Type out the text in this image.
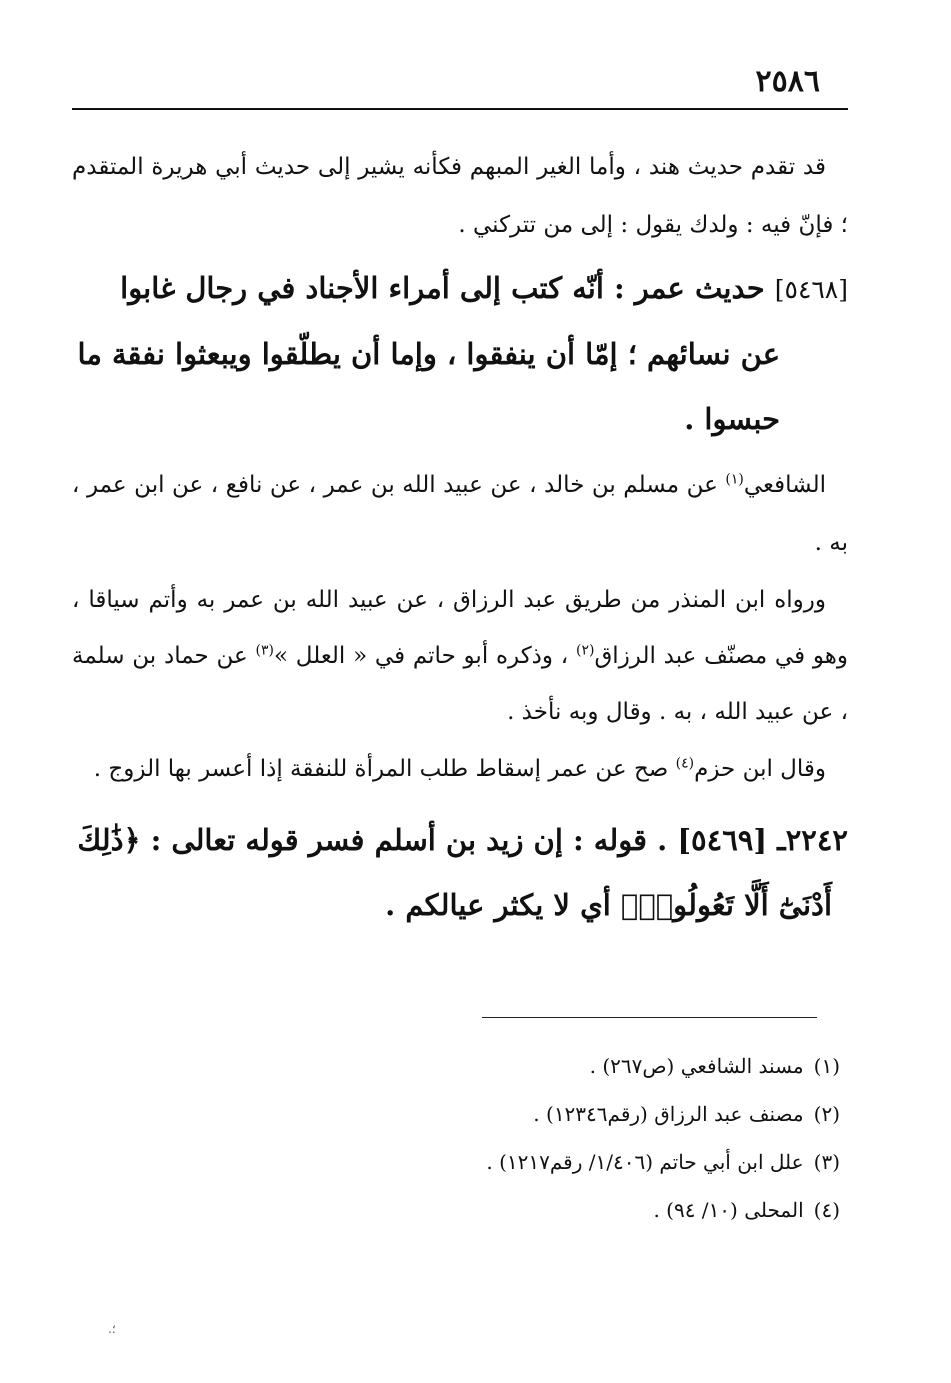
٢٥٨٦

قد تقدم حديث هند ، وأما الغير المبهم فكأنه يشير إلى حديث أبي هريرة المتقدم ؛ فإنّ فيه : ولدك يقول : إلى من تتركني .

[٥٤٦٨] حديث عمر : أنّه كتب إلى أمراء الأجناد في رجال غابوا
عن نسائهم ؛ إمّا أن ينفقوا ، وإما أن يطلّقوا ويبعثوا نفقة ما
حبسوا .

الشافعي$^{(١)}$ عن مسلم بن خالد ، عن عبيد الله بن عمر ، عن نافع ، عن ابن عمر ، به .

ورواه ابن المنذر من طريق عبد الرزاق ، عن عبيد الله بن عمر به وأتم سياقا ، وهو في مصنّف عبد الرزاق$^{(٢)}$ ، وذكره أبو حاتم في « العلل »$^{(٣)}$ عن حماد بن سلمة ، عن عبيد الله ، به . وقال وبه نأخذ .

وقال ابن حزم$^{(٤)}$ صح عن عمر إسقاط طلب المرأة للنفقة إذا أعسر بها الزوج .

٢٢٤٢ـ [٥٤٦٩] . قوله : إن زيد بن أسلم فسر قوله تعالى : ﴿ذَٰلِكَ
أَدْنَىٰٓ أَلَّا تَعُولُوا۟﴾ أي لا يكثر عيالكم .

(١)مسند الشافعي (ص٢٦٧) .

(٢)مصنف عبد الرزاق (رقم١٢٣٤٦) .

(٣)علل ابن أبي حاتم (١/٤٠٦/ رقم١٢١٧) .

(٤)المحلى (١٠/ ٩٤) .

؛.
